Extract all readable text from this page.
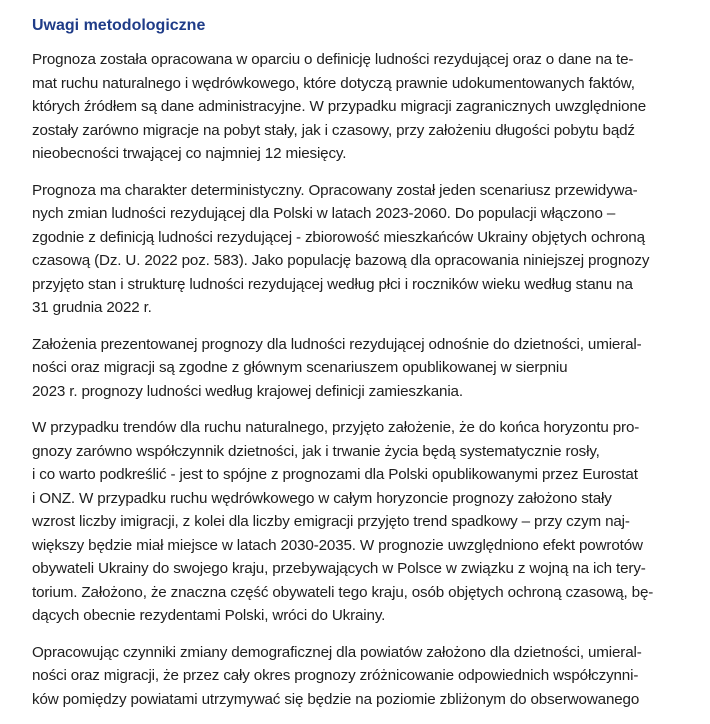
Uwagi metodologiczne
Prognoza została opracowana w oparciu o definicję ludności rezydującej oraz o dane na te-
mat ruchu naturalnego i wędrówkowego, które dotyczą prawnie udokumentowanych faktów,
których źródłem są dane administracyjne. W przypadku migracji zagranicznych uwzględnione
zostały zarówno migracje na pobyt stały, jak i czasowy, przy założeniu długości pobytu bądź
nieobecności trwającej co najmniej 12 miesięcy.
Prognoza ma charakter deterministyczny. Opracowany został jeden scenariusz przewidywa-
nych zmian ludności rezydującej dla Polski w latach 2023-2060. Do populacji włączono –
zgodnie z definicją ludności rezydującej - zbiorowość mieszkańców Ukrainy objętych ochroną
czasową (Dz. U. 2022 poz. 583). Jako populację bazową dla opracowania niniejszej prognozy
przyjęto stan i strukturę ludności rezydującej według płci i roczników wieku według stanu na
31 grudnia 2022 r.
Założenia prezentowanej prognozy dla ludności rezydującej odnośnie do dzietności, umieral-
ności oraz migracji są zgodne z głównym scenariuszem opublikowanej w sierpniu
2023 r. prognozy ludności według krajowej definicji zamieszkania.
W przypadku trendów dla ruchu naturalnego, przyjęto założenie, że do końca horyzontu pro-
gnozy zarówno współczynnik dzietności, jak i trwanie życia będą systematycznie rosły,
i co warto podkreślić - jest to spójne z prognozami dla Polski opublikowanymi przez Eurostat
i ONZ. W przypadku ruchu wędrówkowego w całym horyzoncie prognozy założono stały
wzrost liczby imigracji, z kolei dla liczby emigracji przyjęto trend spadkowy – przy czym naj-
większy będzie miał miejsce w latach 2030-2035. W prognozie uwzględniono efekt powrotów
obywateli Ukrainy do swojego kraju, przebywających w Polsce w związku z wojną na ich tery-
torium. Założono, że znaczna część obywateli tego kraju, osób objętych ochroną czasową, bę-
dących obecnie rezydentami Polski, wróci do Ukrainy.
Opracowując czynniki zmiany demograficznej dla powiatów założono dla dzietności, umieral-
ności oraz migracji, że przez cały okres prognozy zróżnicowanie odpowiednich współczynni-
ków pomiędzy powiatami utrzymywać się będzie na poziomie zbliżonym do obserwowanego
